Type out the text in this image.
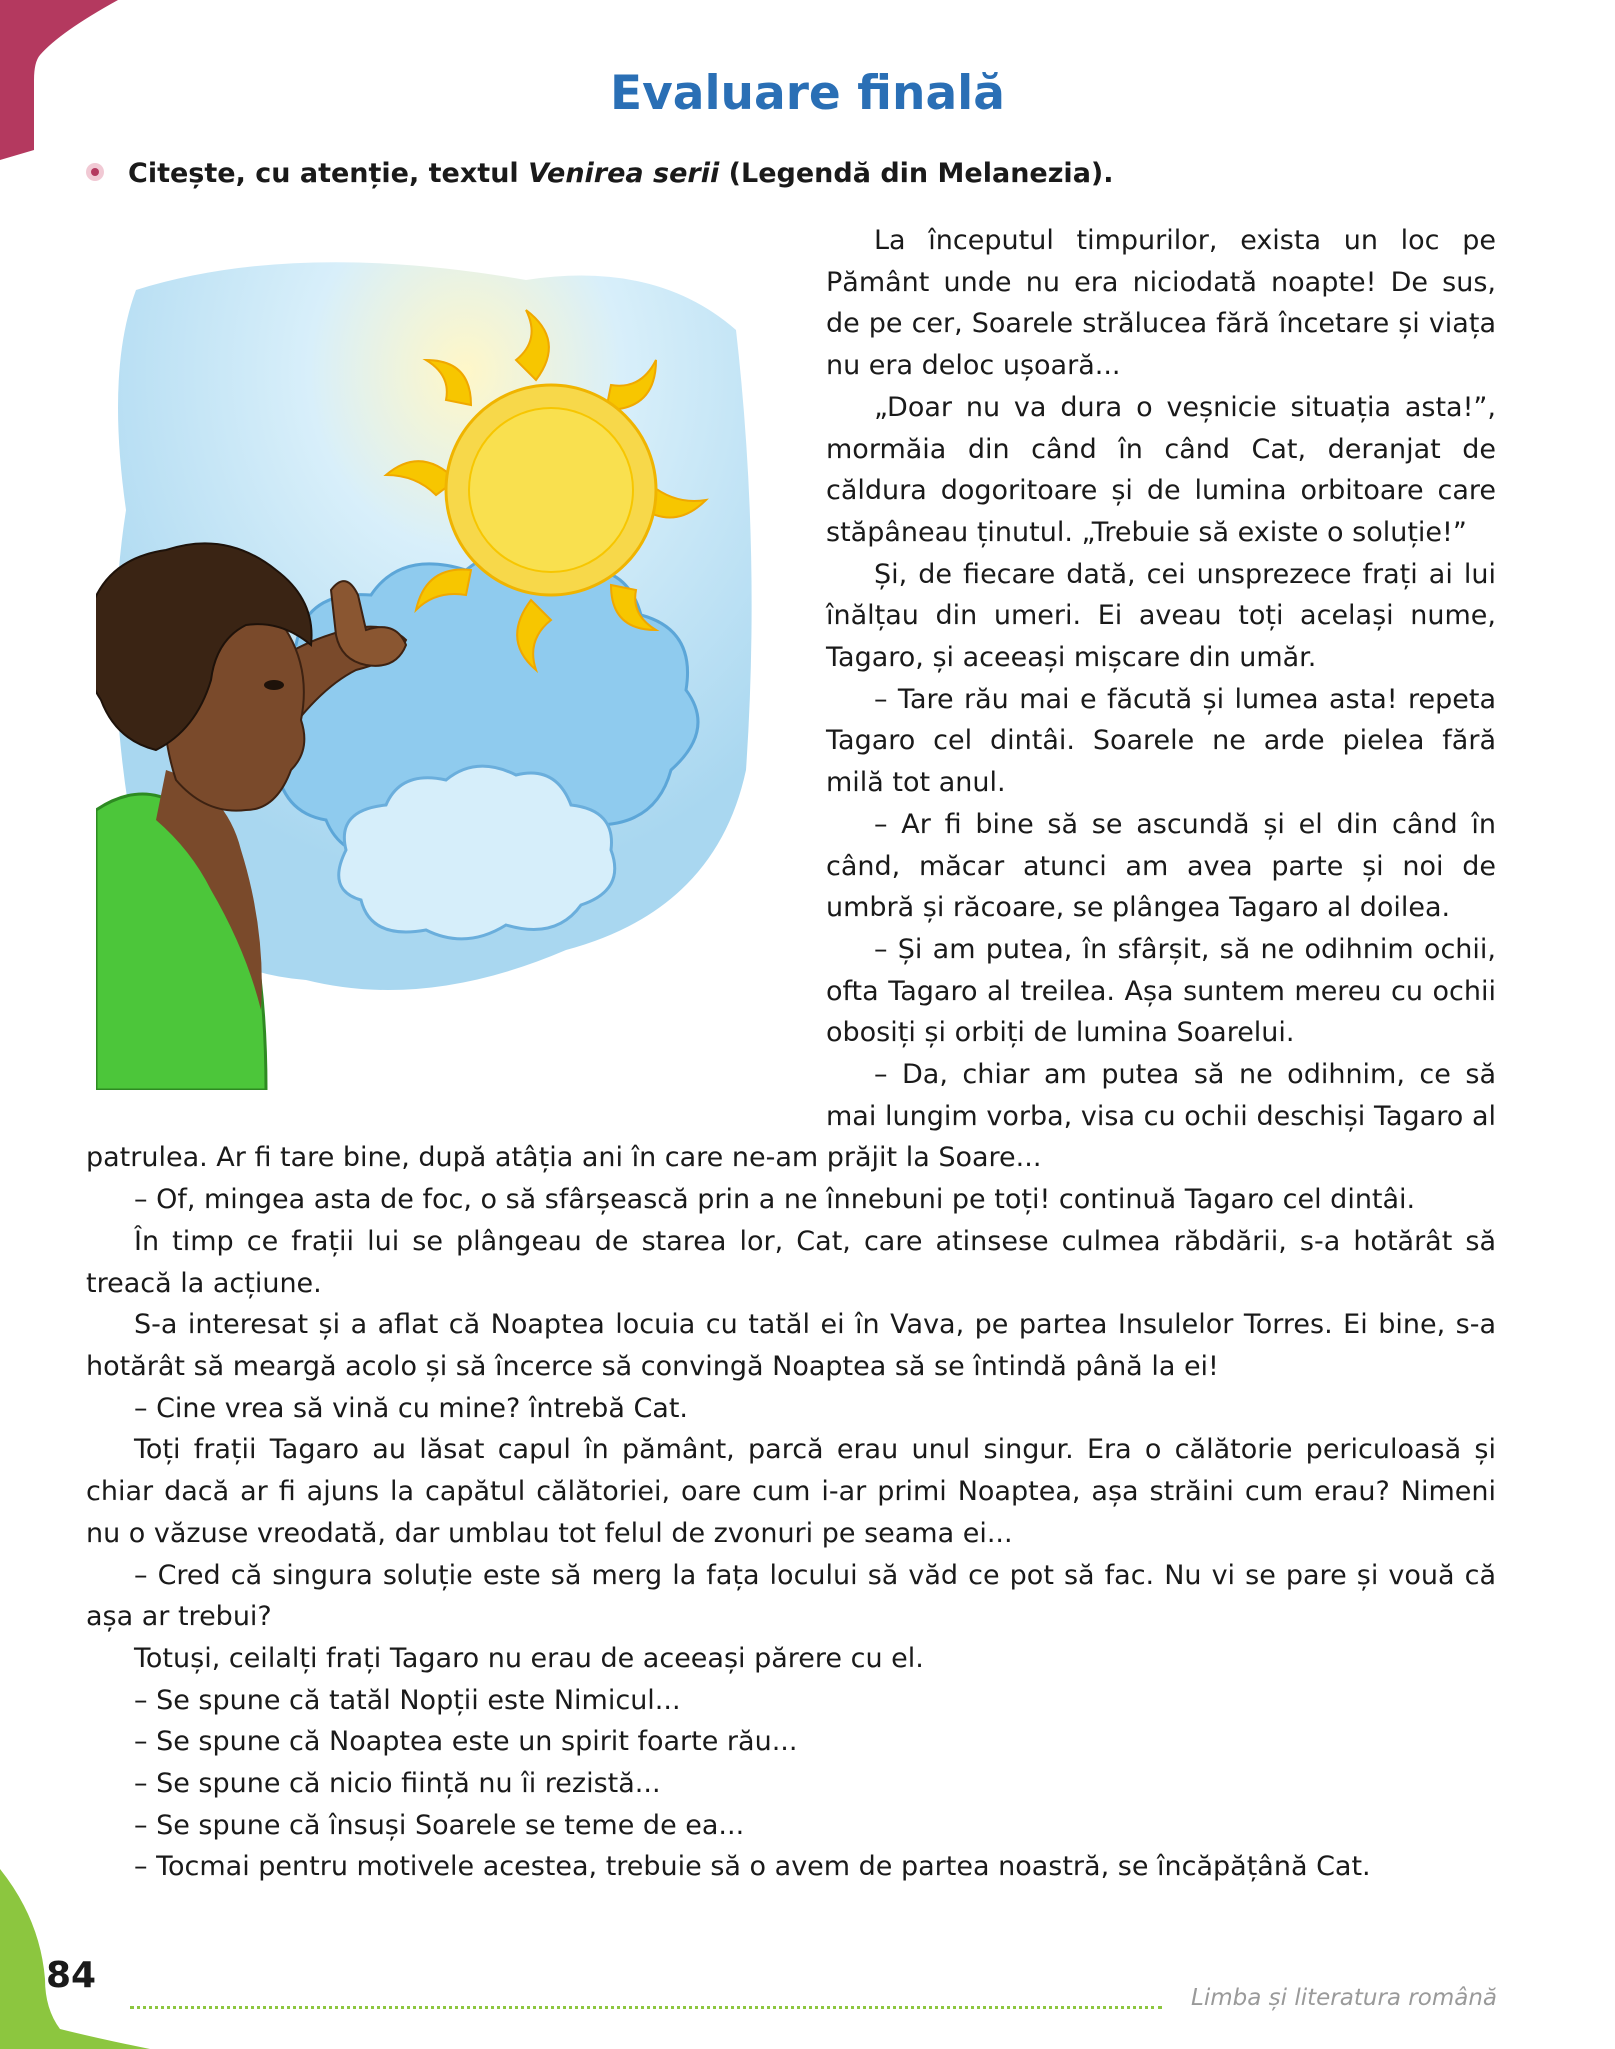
Evaluare finală

Citește, cu atenție, textul Venirea serii (Legendă din Melanezia).

La începutul timpurilor, exista un loc pe Pământ unde nu era niciodată noapte! De sus, de pe cer, Soarele strălucea fără încetare și viața nu era deloc ușoară...

„Doar nu va dura o veșnicie situația asta!”, mormăia din când în când Cat, deranjat de căldura dogoritoare și de lumina orbitoare care stăpâneau ținutul. „Trebuie să existe o soluție!”

Și, de fiecare dată, cei unsprezece frați ai lui înălțau din umeri. Ei aveau toți același nume, Tagaro, și aceeași mișcare din umăr.

– Tare rău mai e făcută și lumea asta! repeta Tagaro cel dintâi. Soarele ne arde pielea fără milă tot anul.

– Ar fi bine să se ascundă și el din când în când, măcar atunci am avea parte și noi de umbră și răcoare, se plângea Tagaro al doilea.

– Și am putea, în sfârșit, să ne odihnim ochii, ofta Tagaro al treilea. Așa suntem mereu cu ochii obosiți și orbiți de lumina Soarelui.

– Da, chiar am putea să ne odihnim, ce să mai lungim vorba, visa cu ochii deschiși Tagaro al patrulea. Ar fi tare bine, după atâția ani în care ne-am prăjit la Soare...

– Of, mingea asta de foc, o să sfârșească prin a ne înnebuni pe toți! continuă Tagaro cel dintâi.

În timp ce frații lui se plângeau de starea lor, Cat, care atinsese culmea răbdării, s-a hotărât să treacă la acțiune.

S-a interesat și a aflat că Noaptea locuia cu tatăl ei în Vava, pe partea Insulelor Torres. Ei bine, s-a hotărât să meargă acolo și să încerce să convingă Noaptea să se întindă până la ei!

– Cine vrea să vină cu mine? întrebă Cat.

Toți frații Tagaro au lăsat capul în pământ, parcă erau unul singur. Era o călătorie periculoasă și chiar dacă ar fi ajuns la capătul călătoriei, oare cum i-ar primi Noaptea, așa străini cum erau? Nimeni nu o văzuse vreodată, dar umblau tot felul de zvonuri pe seama ei...

– Cred că singura soluție este să merg la fața locului să văd ce pot să fac. Nu vi se pare și vouă că așa ar trebui?

Totuși, ceilalți frați Tagaro nu erau de aceeași părere cu el.

– Se spune că tatăl Nopții este Nimicul...

– Se spune că Noaptea este un spirit foarte rău...

– Se spune că nicio ființă nu îi rezistă...

– Se spune că însuși Soarele se teme de ea...

– Tocmai pentru motivele acestea, trebuie să o avem de partea noastră, se încăpățână Cat.

84
Limba și literatura română
